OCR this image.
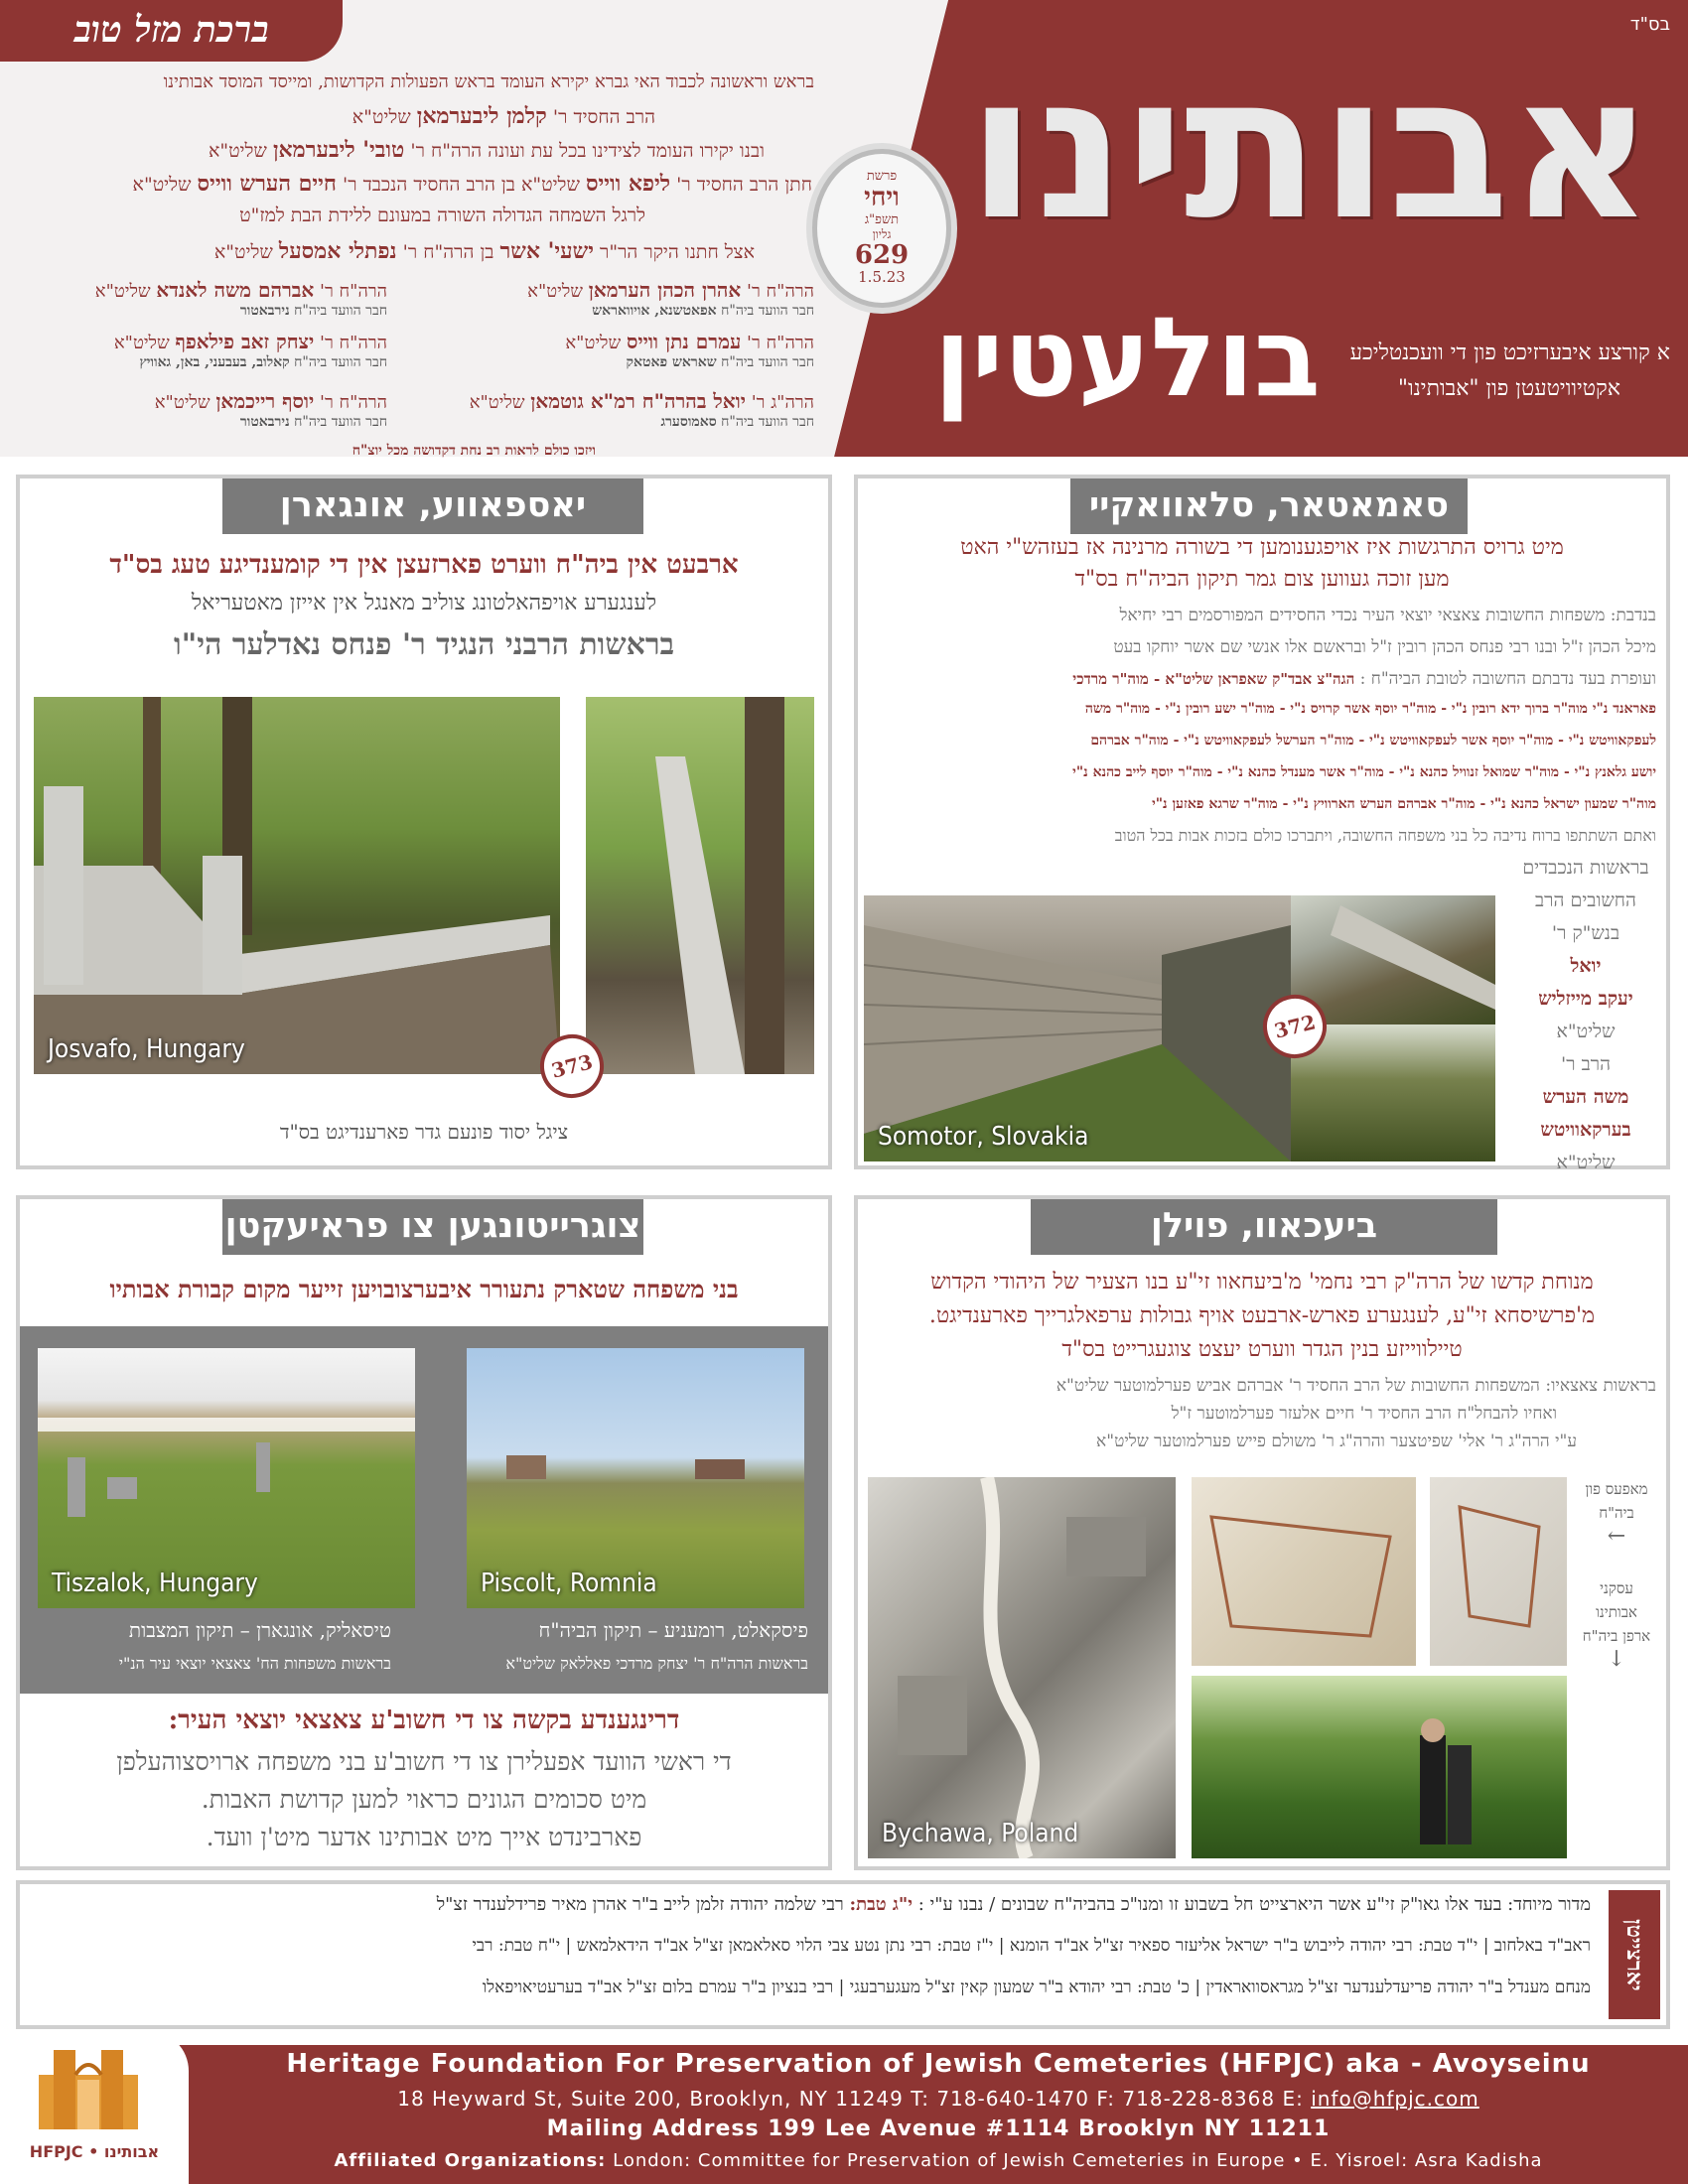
בס"ד
אבותינו
בולעטין	א קורצע איבערזיכט פון די וועכנטליכע
אקטיוויטעטן פון "אבותינו"
פרשת
ויחי
תשפ"ג
גליון
629
1.5.23
ברכת מזל טוב
בראש וראשונה לכבוד האי גברא יקירא העומד בראש הפעולות הקדושות, ומייסד המוסד אבותינו
הרב החסיד ר' קלמן ליבערמאן שליט"א
ובנו יקירו העומד לצידינו בכל עת ועונה הרה"ח ר' טובי' ליבערמאן שליט"א
חתן הרב החסיד ר' ליפא ווייס שליט"א בן הרב החסיד הנכבד ר' חיים הערש ווייס שליט"א
לרגל השמחה הגדולה השורה במעונם ללידת הבת למז"ט
אצל חתנו היקר הר"ר ישעי' אשר בן הרה"ח ר' נפתלי אמסעל שליט"א
הרה"ח ר' אהרן הכהן הערמאן שליט"א
חבר הוועד ביה"ח אפאטשנא, אויוואראש
הרה"ח ר' אברהם משה לאנדא שליט"א
חבר הוועד ביה"ח נירבאטור
הרה"ח ר' עמרם נתן ווייס שליט"א
חבר הוועד ביה"ח שאראש פאטאק
הרה"ח ר' יצחק זאב פילאפף שליט"א
חבר הוועד ביה"ח קאלוב, בעבעני, באן, גאוויץ
הרה"ג ר' יואל בהרה"ח רמ"א גוטמאן שליט"א
חבר הוועד ביה"ח סאמוסערג
הרה"ח ר' יוסף רייכמאן שליט"א
חבר הוועד ביה"ח נירבאטור
ויזכו כולם לראות רב נחת דקדושה מכל יוצ"ח
סאמאטאר, סלאוואקיי
מיט גרויס התרגשות איז אויפגענומען די בשורה מרנינה אז בעזהש"י האט
מען זוכה געווען צום גמר תיקון הביה"ח בס"ד
בנדבת: משפחות החשובות צאצאי יוצאי העיר נכדי החסידים המפורסמים רבי יחיאל
מיכל הכהן ז"ל ובנו רבי פנחס הכהן רובין ז"ל ובראשם אלו אנשי שם אשר יוחקו בעט
ועופרת בעד נדבתם החשובה לטובת הביה"ח : הגה"צ אבד"ק שאפראן שליט"א - מוה"ר מרדכי
פאראנד נ"י מוה"ר ברוך ידא רובין נ"י - מוה"ר יוסף אשר קרויס נ"י - מוה"ר ישע רובין נ"י - מוה"ר משה
לעפקאוויטש נ"י - מוה"ר יוסף אשר לעפקאוויטש נ"י - מוה"ר הערשל לעפקאוויטש נ"י - מוה"ר אברהם
יושע גלאנץ נ"י - מוה"ר שמואל זנוויל כהנא נ"י - מוה"ר אשר מענדל כהנא נ"י - מוה"ר יוסף לייב כהנא נ"י
מוה"ר שמעון ישראל כהנא נ"י - מוה"ר אברהם הערש הארוויץ נ"י - מוה"ר שרגא פאזען נ"י
ואתם השתתפו ברוח נדיבה כל בני משפחה החשובה, ויתברכו כולם בזכות אבות בכל הטוב
בראשות הנכבדים
החשובים הרב
בנש"ק ר'
יואל
יעקב מייזליש
שליט"א
הרב ר'
משה הערש
בערקאוויטש
שליט"א
Somotor, Slovakia
372
יאספאווע, אונגארן
ארבעט אין ביה"ח ווערט פארזעצן אין די קומענדיגע טעג בס"ד
לענגערע אויפהאלטונג צוליב מאנגל אין אייזן מאטעריאל
בראשות הרבני הנגיד ר' פנחס נאדלער הי"ו
Josvafo, Hungary
373
ציגל יסוד פונעם גדר פארענדיגט בס"ד
צוגרייטונגען צו פראיעקטן
בני משפחה שטארק נתעורר איבערצובויען זייער מקום קבורת אבותיו
Piscolt, Romnia
פיסקאלט, רומעניע – תיקון הביה"ח
בראשות הרה"ח ר' יצחק מרדכי פאללאק שליט"א
Tiszalok, Hungary
טיסאליק, אונגארן – תיקון המצבות
בראשות משפחות הח' צאצאי יוצאי עיר הנ"י
דרינגענדע בקשה צו די חשוב'ע צאצאי יוצאי העיר:
די ראשי הוועד אפעלירן צו די חשוב'ע בני משפחה ארויסצוהעלפן
מיט סכומים הגונים כראוי למען קדושת האבות.
פארבינדט אייך מיט אבותינו אדער מיט'ן וועד.
ביעכאוו, פוילן
מנוחת קדשו של הרה"ק רבי נחמי' מ'ביעחאוו זי"ע בנו הצעיר של היהודי הקדוש
מ'פרשיסחא זי"ע, לענגערע פארש-ארבעט אויף גבולות ערפאלגרייך פארענדיגט.
טיילווייזע בנין הגדר ווערט יעצט צוגעגרייט בס"ד
בראשות צאצאיו: המשפחות החשובות של הרב החסיד ר' אברהם אביש פערלמוטער שליט"א
ואחיו להבחל"ח הרב החסיד ר' חיים אלעזר פערלמוטער ז"ל
ע"י הרה"ג ר' אלי' שפיטצער והרה"ג ר' משולם פייש פערלמוטער שליט"א
Bychawa, Poland
מאפעס פון
ביה"ח
←
עסקני
אבותינו
ארפן ביה"ח
↓
יארצייטן
מדור מיוחד: בעד אלו גאו"ק זי"ע אשר היארצייט חל בשבוע זו ומנו"כ בהביה"ח שבונים / נבנו ע"י : י"ג טבת: רבי שלמה יהודה זלמן לייב ב"ר אהרן מאיר פרידלענדר זצ"ל
ראב"ד באלחוב | י"ד טבת: רבי יהודה לייבוש ב"ר ישראל אליעזר ספאיר זצ"ל אב"ד הומנא | י"ז טבת: רבי נתן נטע צבי הלוי סאלאמאן זצ"ל אב"ד הידאלמאש | י"ח טבת: רבי
מנחם מענדל ב"ר יהודה פריעדלענדער זצ"ל מגראסוואראדין | כ' טבת: רבי יהודא ב"ר שמעון קאין זצ"ל מעגערבעגי | רבי בנציון ב"ר עמרם בלום זצ"ל אב"ד בערעטיאויפאלו
HFPJC • אבותינו
Heritage Foundation For Preservation of Jewish Cemeteries (HFPJC) aka - Avoyseinu
18 Heyward St, Suite 200, Brooklyn, NY 11249 T: 718-640-1470 F: 718-228-8368 E: info@hfpjc.com
Mailing Address 199 Lee Avenue #1114 Brooklyn NY 11211
Affiliated Organizations: London: Committee for Preservation of Jewish Cemeteries in Europe • E. Yisroel: Asra Kadisha
